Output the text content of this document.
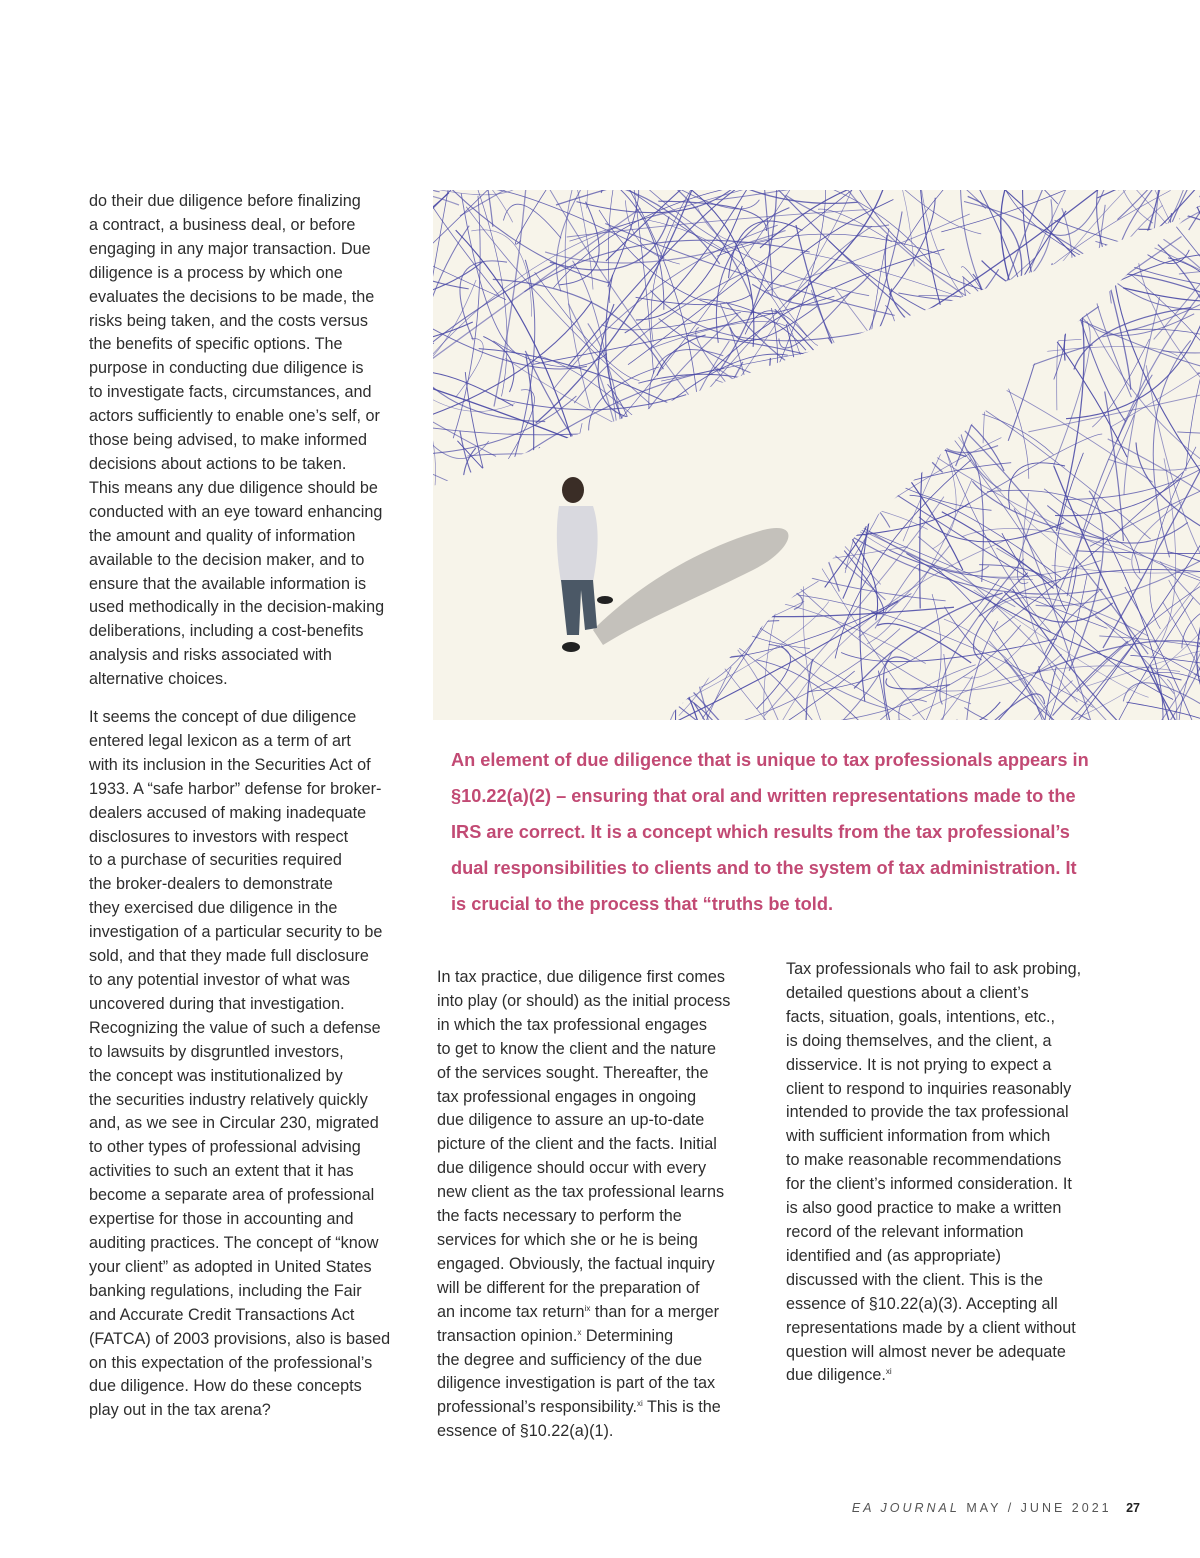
do their due diligence before finalizing
a contract, a business deal, or before
engaging in any major transaction. Due
diligence is a process by which one
evaluates the decisions to be made, the
risks being taken, and the costs versus
the benefits of specific options. The
purpose in conducting due diligence is
to investigate facts, circumstances, and
actors sufficiently to enable one’s self, or
those being advised, to make informed
decisions about actions to be taken.
This means any due diligence should be
conducted with an eye toward enhancing
the amount and quality of information
available to the decision maker, and to
ensure that the available information is
used methodically in the decision-making
deliberations, including a cost-benefits
analysis and risks associated with
alternative choices.

It seems the concept of due diligence
entered legal lexicon as a term of art
with its inclusion in the Securities Act of
1933. A “safe harbor” defense for broker-
dealers accused of making inadequate
disclosures to investors with respect
to a purchase of securities required
the broker-dealers to demonstrate
they exercised due diligence in the
investigation of a particular security to be
sold, and that they made full disclosure
to any potential investor of what was
uncovered during that investigation.
Recognizing the value of such a defense
to lawsuits by disgruntled investors,
the concept was institutionalized by
the securities industry relatively quickly
and, as we see in Circular 230, migrated
to other types of professional advising
activities to such an extent that it has
become a separate area of professional
expertise for those in accounting and
auditing practices. The concept of “know
your client” as adopted in United States
banking regulations, including the Fair
and Accurate Credit Transactions Act
(FATCA) of 2003 provisions, also is based
on this expectation of the professional’s
due diligence. How do these concepts
play out in the tax arena?

An element of due diligence that is unique to tax professionals appears in
§10.22(a)(2) – ensuring that oral and written representations made to the
IRS are correct. It is a concept which results from the tax professional’s
dual responsibilities to clients and to the system of tax administration. It
is crucial to the process that “truths be told.

In tax practice, due diligence first comes
into play (or should) as the initial process
in which the tax professional engages
to get to know the client and the nature
of the services sought. Thereafter, the
tax professional engages in ongoing
due diligence to assure an up-to-date
picture of the client and the facts. Initial
due diligence should occur with every
new client as the tax professional learns
the facts necessary to perform the
services for which she or he is being
engaged. Obviously, the factual inquiry
will be different for the preparation of
an income tax return$^{ix}$ than for a merger
transaction opinion.$^x$ Determining
the degree and sufficiency of the due
diligence investigation is part of the tax
professional’s responsibility.$^{xi}$ This is the
essence of §10.22(a)(1).

Tax professionals who fail to ask probing,
detailed questions about a client’s
facts, situation, goals, intentions, etc.,
is doing themselves, and the client, a
disservice. It is not prying to expect a
client to respond to inquiries reasonably
intended to provide the tax professional
with sufficient information from which
to make reasonable recommendations
for the client’s informed consideration. It
is also good practice to make a written
record of the relevant information
identified and (as appropriate)
discussed with the client. This is the
essence of §10.22(a)(3). Accepting all
representations made by a client without
question will almost never be adequate
due diligence.$^{xi}$

EA JOURNAL MAY / JUNE 2021 27
